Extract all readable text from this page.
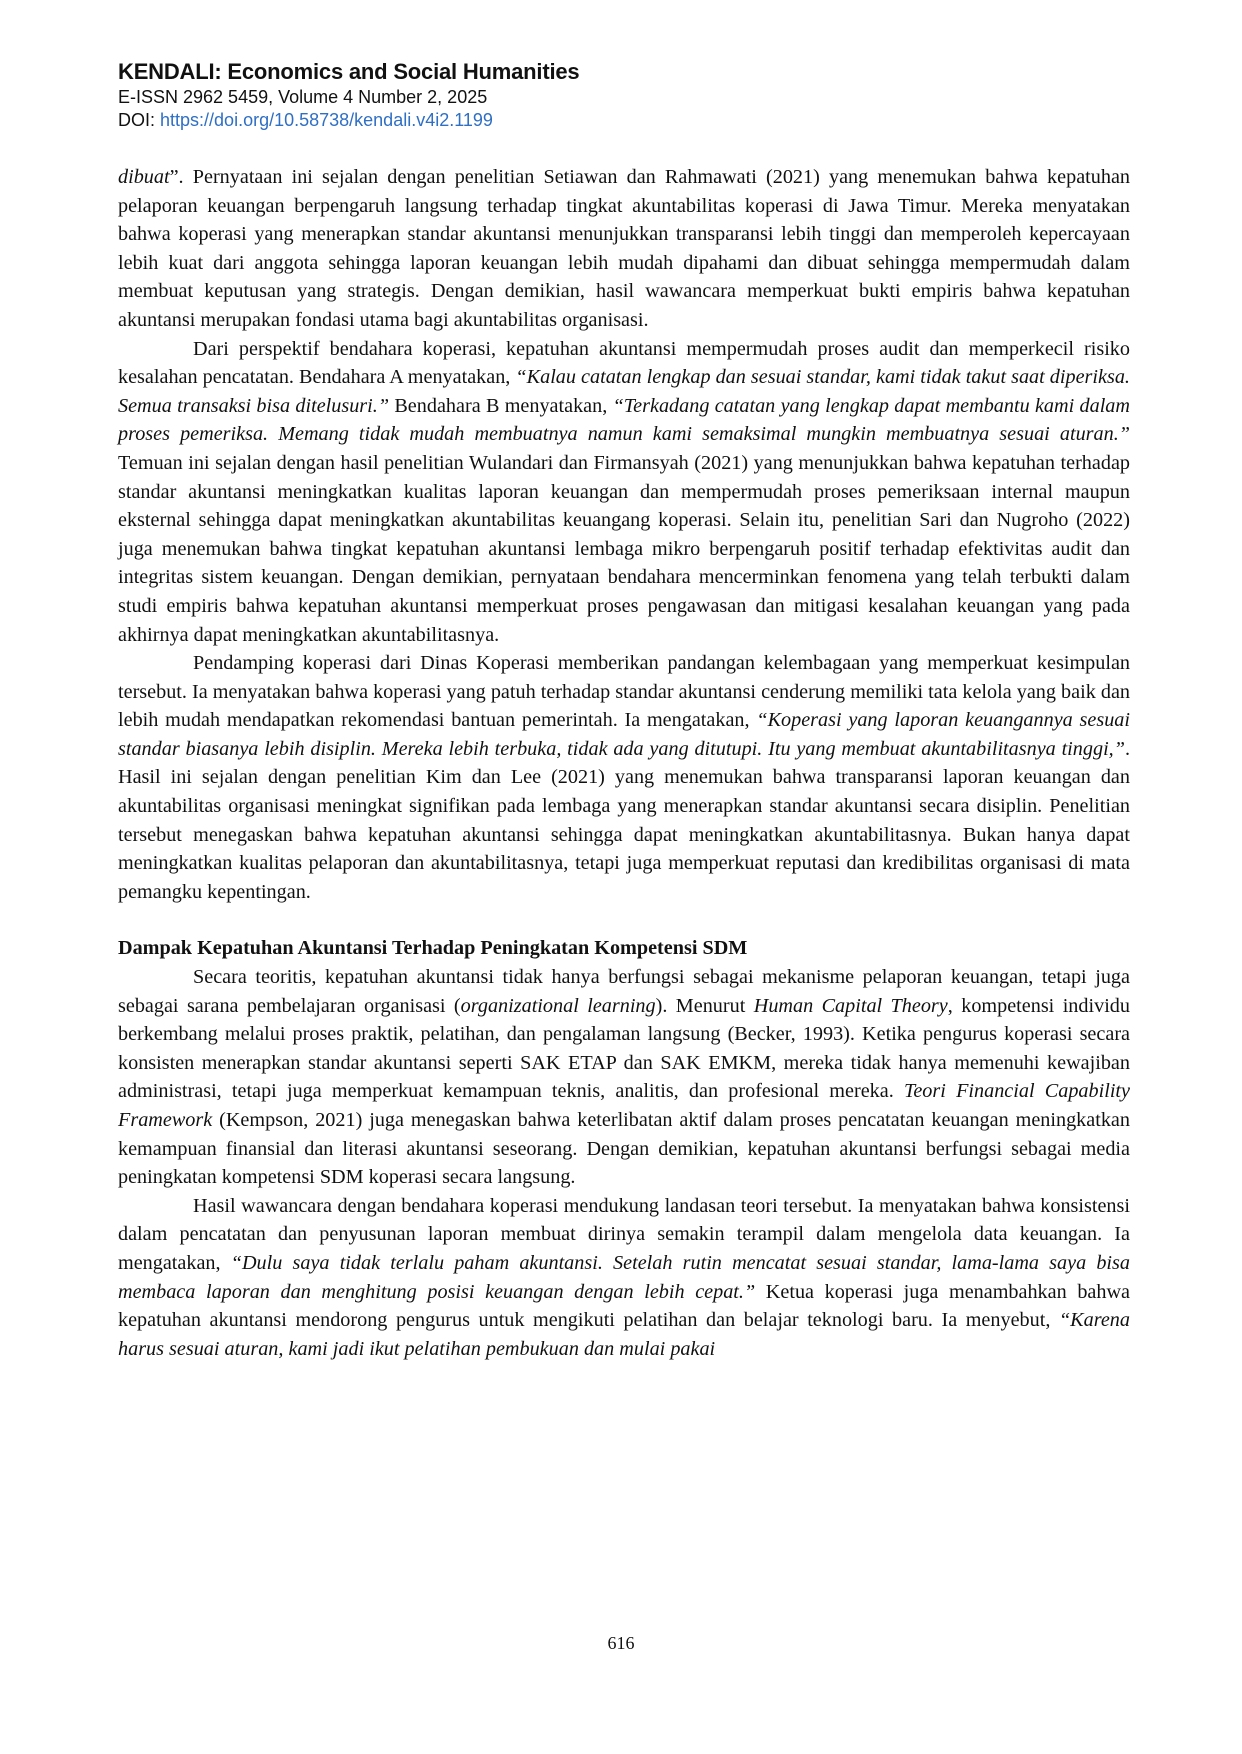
KENDALI: Economics and Social Humanities
E-ISSN 2962 5459, Volume 4 Number 2, 2025
DOI: https://doi.org/10.58738/kendali.v4i2.1199

dibuat”. Pernyataan ini sejalan dengan penelitian Setiawan dan Rahmawati (2021) yang menemukan bahwa kepatuhan pelaporan keuangan berpengaruh langsung terhadap tingkat akuntabilitas koperasi di Jawa Timur. Mereka menyatakan bahwa koperasi yang menerapkan standar akuntansi menunjukkan transparansi lebih tinggi dan memperoleh kepercayaan lebih kuat dari anggota sehingga laporan keuangan lebih mudah dipahami dan dibuat sehingga mempermudah dalam membuat keputusan yang strategis. Dengan demikian, hasil wawancara memperkuat bukti empiris bahwa kepatuhan akuntansi merupakan fondasi utama bagi akuntabilitas organisasi.

Dari perspektif bendahara koperasi, kepatuhan akuntansi mempermudah proses audit dan memperkecil risiko kesalahan pencatatan. Bendahara A menyatakan, “Kalau catatan lengkap dan sesuai standar, kami tidak takut saat diperiksa. Semua transaksi bisa ditelusuri.” Bendahara B menyatakan, “Terkadang catatan yang lengkap dapat membantu kami dalam proses pemeriksa. Memang tidak mudah membuatnya namun kami semaksimal mungkin membuatnya sesuai aturan.” Temuan ini sejalan dengan hasil penelitian Wulandari dan Firmansyah (2021) yang menunjukkan bahwa kepatuhan terhadap standar akuntansi meningkatkan kualitas laporan keuangan dan mempermudah proses pemeriksaan internal maupun eksternal sehingga dapat meningkatkan akuntabilitas keuangang koperasi. Selain itu, penelitian Sari dan Nugroho (2022) juga menemukan bahwa tingkat kepatuhan akuntansi lembaga mikro berpengaruh positif terhadap efektivitas audit dan integritas sistem keuangan. Dengan demikian, pernyataan bendahara mencerminkan fenomena yang telah terbukti dalam studi empiris bahwa kepatuhan akuntansi memperkuat proses pengawasan dan mitigasi kesalahan keuangan yang pada akhirnya dapat meningkatkan akuntabilitasnya.

Pendamping koperasi dari Dinas Koperasi memberikan pandangan kelembagaan yang memperkuat kesimpulan tersebut. Ia menyatakan bahwa koperasi yang patuh terhadap standar akuntansi cenderung memiliki tata kelola yang baik dan lebih mudah mendapatkan rekomendasi bantuan pemerintah. Ia mengatakan, “Koperasi yang laporan keuangannya sesuai standar biasanya lebih disiplin. Mereka lebih terbuka, tidak ada yang ditutupi. Itu yang membuat akuntabilitasnya tinggi,”. Hasil ini sejalan dengan penelitian Kim dan Lee (2021) yang menemukan bahwa transparansi laporan keuangan dan akuntabilitas organisasi meningkat signifikan pada lembaga yang menerapkan standar akuntansi secara disiplin. Penelitian tersebut menegaskan bahwa kepatuhan akuntansi sehingga dapat meningkatkan akuntabilitasnya. Bukan hanya dapat meningkatkan kualitas pelaporan dan akuntabilitasnya, tetapi juga memperkuat reputasi dan kredibilitas organisasi di mata pemangku kepentingan.

Dampak Kepatuhan Akuntansi Terhadap Peningkatan Kompetensi SDM

Secara teoritis, kepatuhan akuntansi tidak hanya berfungsi sebagai mekanisme pelaporan keuangan, tetapi juga sebagai sarana pembelajaran organisasi (organizational learning). Menurut Human Capital Theory, kompetensi individu berkembang melalui proses praktik, pelatihan, dan pengalaman langsung (Becker, 1993). Ketika pengurus koperasi secara konsisten menerapkan standar akuntansi seperti SAK ETAP dan SAK EMKM, mereka tidak hanya memenuhi kewajiban administrasi, tetapi juga memperkuat kemampuan teknis, analitis, dan profesional mereka. Teori Financial Capability Framework (Kempson, 2021) juga menegaskan bahwa keterlibatan aktif dalam proses pencatatan keuangan meningkatkan kemampuan finansial dan literasi akuntansi seseorang. Dengan demikian, kepatuhan akuntansi berfungsi sebagai media peningkatan kompetensi SDM koperasi secara langsung.

Hasil wawancara dengan bendahara koperasi mendukung landasan teori tersebut. Ia menyatakan bahwa konsistensi dalam pencatatan dan penyusunan laporan membuat dirinya semakin terampil dalam mengelola data keuangan. Ia mengatakan, “Dulu saya tidak terlalu paham akuntansi. Setelah rutin mencatat sesuai standar, lama-lama saya bisa membaca laporan dan menghitung posisi keuangan dengan lebih cepat.” Ketua koperasi juga menambahkan bahwa kepatuhan akuntansi mendorong pengurus untuk mengikuti pelatihan dan belajar teknologi baru. Ia menyebut, “Karena harus sesuai aturan, kami jadi ikut pelatihan pembukuan dan mulai pakai

616
